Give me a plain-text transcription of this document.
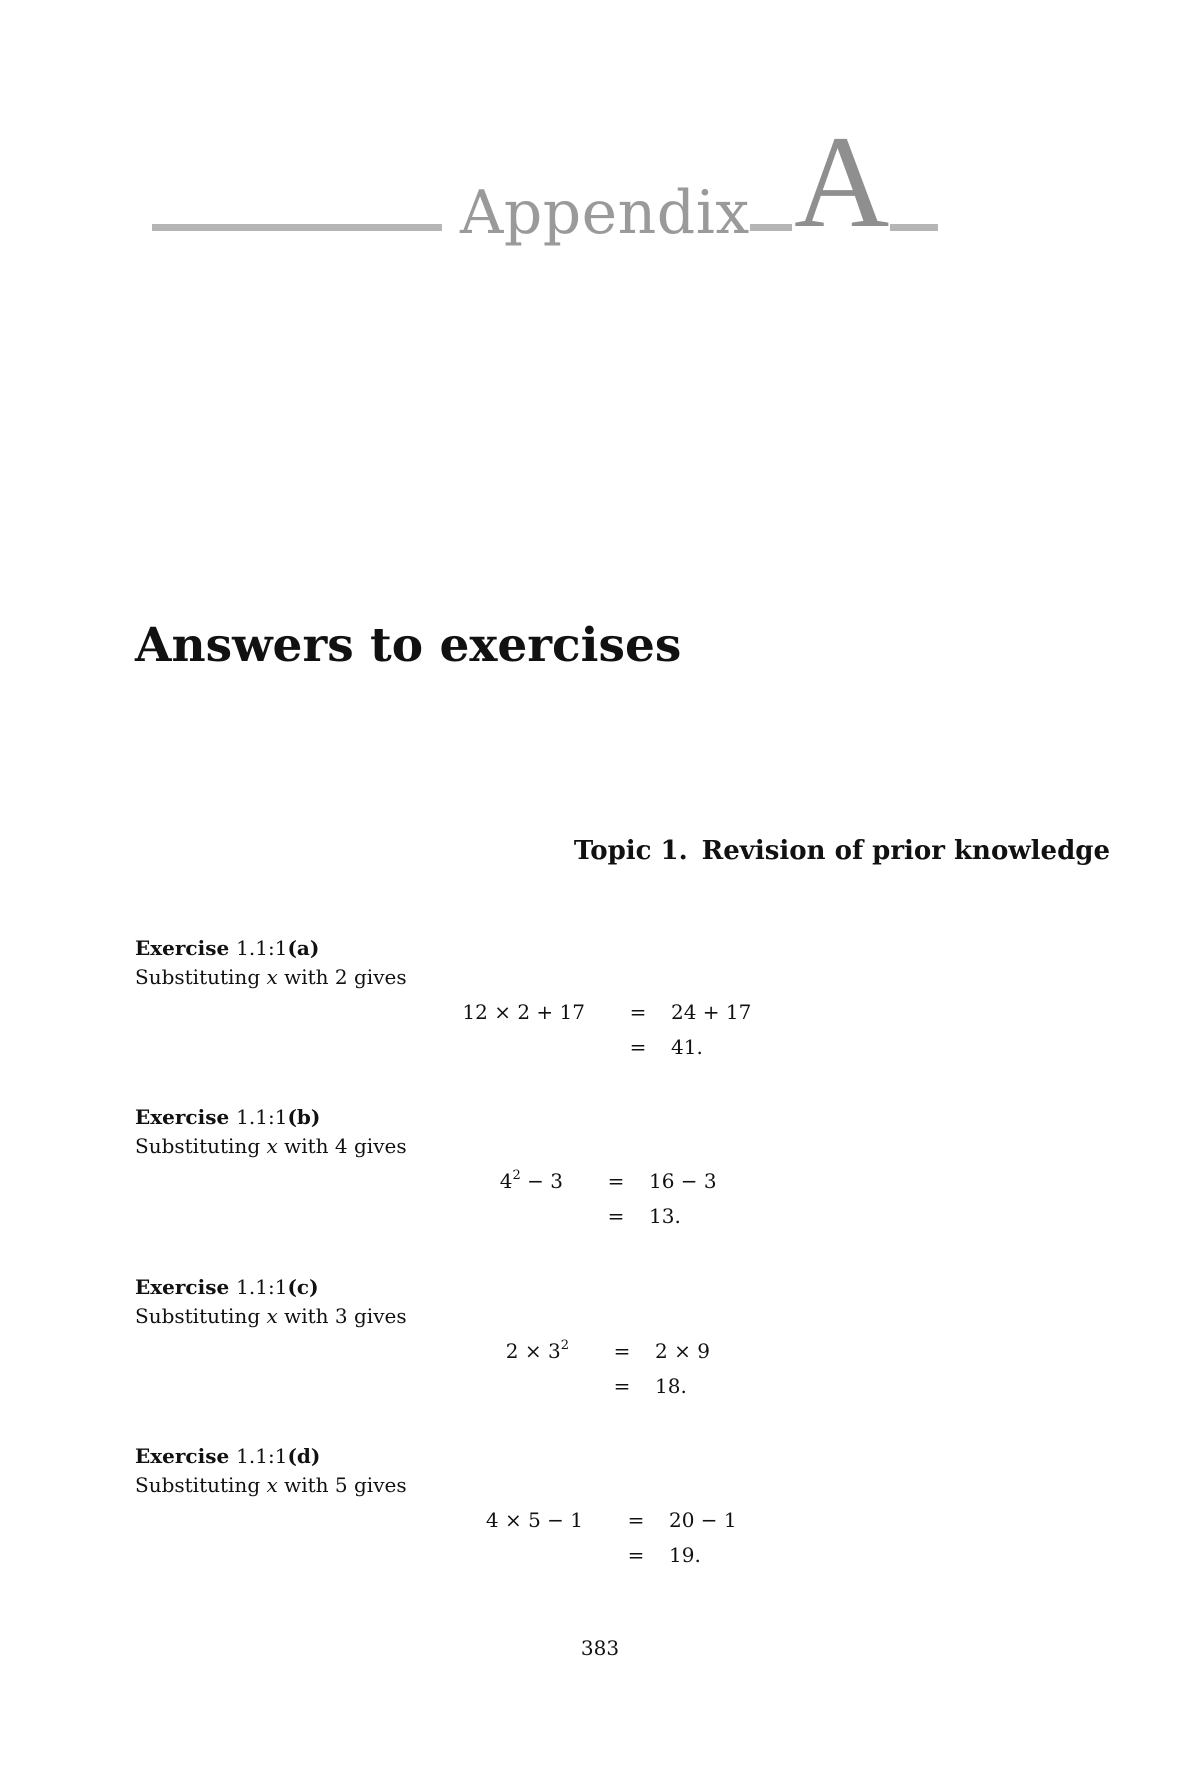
Appendix A
Answers to exercises
Topic 1. Revision of prior knowledge
Exercise 1.1:1(a)
Substituting x with 2 gives
12 × 2 + 17 = 24 + 17
= 41.
Exercise 1.1:1(b)
Substituting x with 4 gives
$4^2 - 3 = 16 - 3$
= 13.
Exercise 1.1:1(c)
Substituting x with 3 gives
$2 \times 3^2 = 2 \times 9$
= 18.
Exercise 1.1:1(d)
Substituting x with 5 gives
4 × 5 − 1 = 20 − 1
= 19.
383
